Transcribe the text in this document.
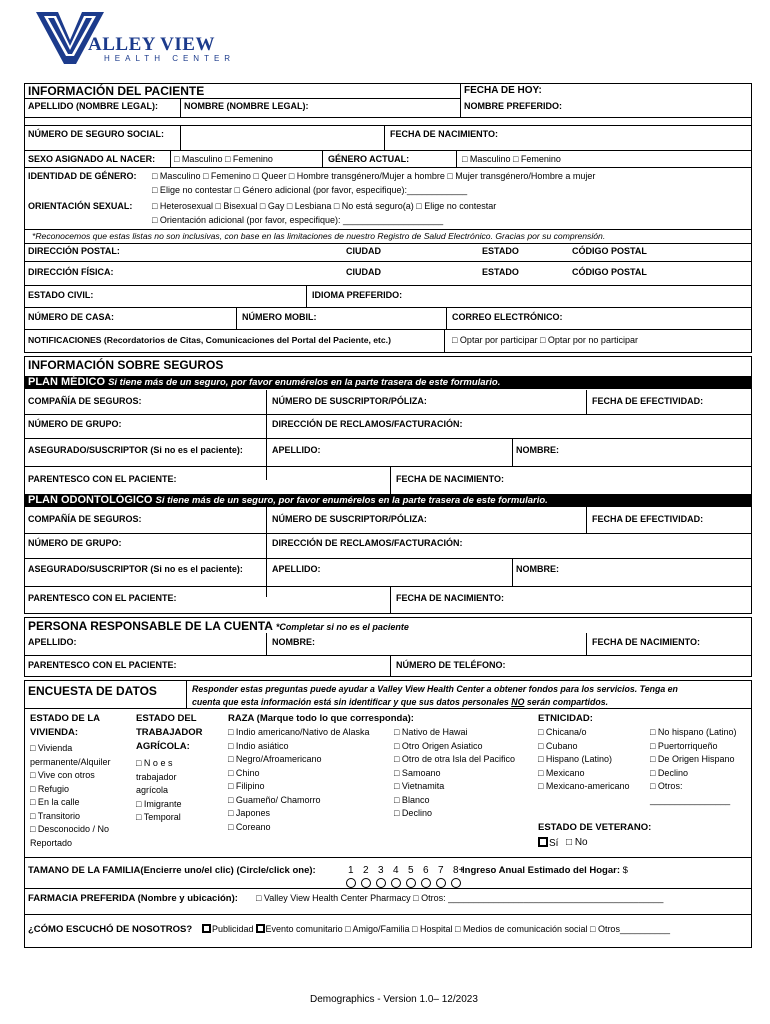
ALLEY VIEW
HEALTH CENTER
INFORMACIÓN DEL PACIENTE	FECHA DE HOY:
APELLIDO (NOMBRE LEGAL):	NOMBRE (NOMBRE LEGAL):	NOMBRE PREFERIDO:
NÚMERO DE SEGURO SOCIAL:	FECHA DE NACIMIENTO:
SEXO ASIGNADO AL NACER: □ Masculino □ Femenino	GÉNERO ACTUAL:	□ Masculino □ Femenino
IDENTIDAD DE GÉNERO: □ Masculino □ Femenino □ Queer □ Hombre transgénero/Mujer a hombre □ Mujer transgénero/Hombre a mujer
□ Elige no contestar □ Género adicional (por favor, especifique):____________
ORIENTACIÓN SEXUAL: □ Heterosexual □ Bisexual □ Gay □ Lesbiana □ No está seguro(a) □ Elige no contestar
□ Orientación adicional (por favor, especifique): ____________________
*Reconocemos que estas listas no son inclusivas, con base en las limitaciones de nuestro Registro de Salud Electrónico. Gracias por su comprensión.
DIRECCIÓN POSTAL:	CIUDAD	ESTADO	CÓDIGO POSTAL
DIRECCIÓN FÍSICA:	CIUDAD	ESTADO	CÓDIGO POSTAL
ESTADO CIVIL:	IDIOMA PREFERIDO:
NÚMERO DE CASA:	NÚMERO MOBIL:	CORREO ELECTRÓNICO:
NOTIFICACIONES (Recordatorios de Citas, Comunicaciones del Portal del Paciente, etc.)	□ Optar por participar □ Optar por no participar
INFORMACIÓN SOBRE SEGUROS
PLAN MÉDICO Si tiene más de un seguro, por favor enumérelos en la parte trasera de este formulario.
COMPAÑÍA DE SEGUROS:	NÚMERO DE SUSCRIPTOR/PÓLIZA:	FECHA DE EFECTIVIDAD:
NÚMERO DE GRUPO:	DIRECCIÓN DE RECLAMOS/FACTURACIÓN:
ASEGURADO/SUSCRIPTOR (Si no es el paciente):	APELLIDO:	NOMBRE:
PARENTESCO CON EL PACIENTE:	FECHA DE NACIMIENTO:
PLAN ODONTOLÓGICO Si tiene más de un seguro, por favor enumérelos en la parte trasera de este formulario.
COMPAÑÍA DE SEGUROS:	NÚMERO DE SUSCRIPTOR/PÓLIZA:	FECHA DE EFECTIVIDAD:
NÚMERO DE GRUPO:	DIRECCIÓN DE RECLAMOS/FACTURACIÓN:
ASEGURADO/SUSCRIPTOR (Si no es el paciente):	APELLIDO:	NOMBRE:
PARENTESCO CON EL PACIENTE:	FECHA DE NACIMIENTO:
PERSONA RESPONSABLE DE LA CUENTA *Completar si no es el paciente
APELLIDO:	NOMBRE:	FECHA DE NACIMIENTO:
PARENTESCO CON EL PACIENTE:	NÚMERO DE TELÉFONO:
ENCUESTA DE DATOS	Responder estas preguntas puede ayudar a Valley View Health Center a obtener fondos para los servicios. Tenga en
cuenta que esta información está sin identificar y que sus datos personales NO serán compartidos.
ESTADO DE LA
VIVIENDA:
□ Vivienda
permanente/Alquiler
□ Vive con otros
□ Refugio
□ En la calle
□ Transitorio
□ Desconocido / No
Reportado
ESTADO DEL
TRABAJADOR
AGRÍCOLA:
□ N o e s
trabajador
agrícola
□ Imigrante
□ Temporal
RAZA (Marque todo lo que corresponda):
□ Indio americano/Nativo de Alaska
□ Indio asiático
□ Negro/Afroamericano
□ Chino
□ Filipino
□ Guameño/ Chamorro
□ Japones
□ Coreano
□ Nativo de Hawai
□ Otro Origen Asiatico
□ Otro de otra Isla del Pacifico
□ Samoano
□ Vietnamita
□ Blanco
□ Declino
ETNICIDAD:
□ Chicana/o
□ Cubano
□ Hispano (Latino)
□ Mexicano
□ Mexicano-americano
□ No hispano (Latino)
□ Puertorriqueño
□ De Origen Hispano
□ Declino
□ Otros:
________________
ESTADO DE VETERANO:
Sí □ No
TAMANO DE LA FAMILIA(Encierre uno/el clic) (Circle/click one):	1 2 3 4 5 6 7 8+
Ingreso Anual Estimado del Hogar: $
FARMACIA PREFERIDA (Nombre y ubicación): □ Valley View Health Center Pharmacy □ Otros: ___________________________________________
¿CÓMO ESCUCHÓ DE NOSOTROS?	Publicidad Evento comunitario □ Amigo/Familia □ Hospital □ Medios de comunicación social □ Otros__________
Demographics - Version 1.0– 12/2023
